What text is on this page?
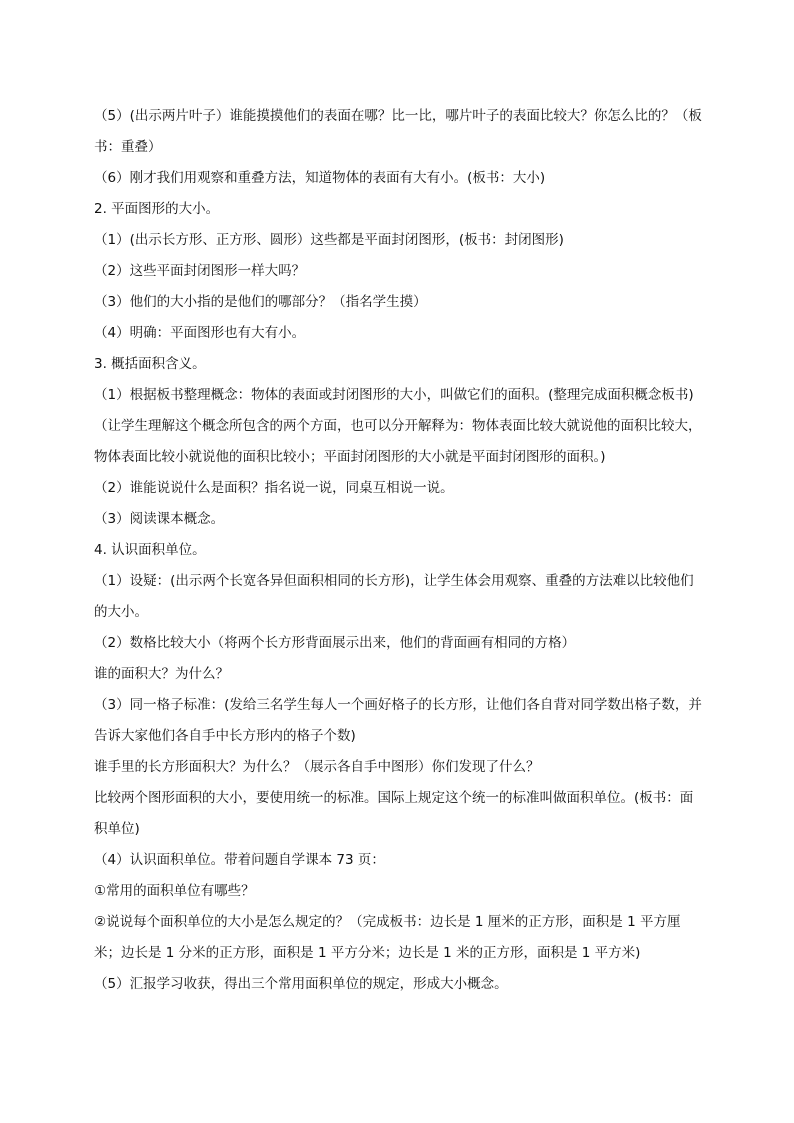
（5）(出示两片叶子）谁能摸摸他们的表面在哪？比一比，哪片叶子的表面比较大？你怎么比的？（板书：重叠）

（6）刚才我们用观察和重叠方法，知道物体的表面有大有小。(板书：大小)

2. 平面图形的大小。

（1）(出示长方形、正方形、圆形）这些都是平面封闭图形，(板书：封闭图形)

（2）这些平面封闭图形一样大吗？

（3）他们的大小指的是他们的哪部分？（指名学生摸）

（4）明确：平面图形也有大有小。

3. 概括面积含义。

（1）根据板书整理概念：物体的表面或封闭图形的大小，叫做它们的面积。(整理完成面积概念板书)

（让学生理解这个概念所包含的两个方面，也可以分开解释为：物体表面比较大就说他的面积比较大，物体表面比较小就说他的面积比较小；平面封闭图形的大小就是平面封闭图形的面积。)

（2）谁能说说什么是面积？指名说一说，同桌互相说一说。

（3）阅读课本概念。

4. 认识面积单位。

（1）设疑：(出示两个长宽各异但面积相同的长方形)，让学生体会用观察、重叠的方法难以比较他们的大小。

（2）数格比较大小（将两个长方形背面展示出来，他们的背面画有相同的方格）

谁的面积大？为什么？

（3）同一格子标准：(发给三名学生每人一个画好格子的长方形，让他们各自背对同学数出格子数，并告诉大家他们各自手中长方形内的格子个数)

谁手里的长方形面积大？为什么？（展示各自手中图形）你们发现了什么？

比较两个图形面积的大小，要使用统一的标准。国际上规定这个统一的标准叫做面积单位。(板书：面积单位)

（4）认识面积单位。带着问题自学课本 73 页：

①常用的面积单位有哪些？

②说说每个面积单位的大小是怎么规定的？（完成板书：边长是 1 厘米的正方形，面积是 1 平方厘米；边长是 1 分米的正方形，面积是 1 平方分米；边长是 1 米的正方形，面积是 1 平方米)

（5）汇报学习收获，得出三个常用面积单位的规定，形成大小概念。
